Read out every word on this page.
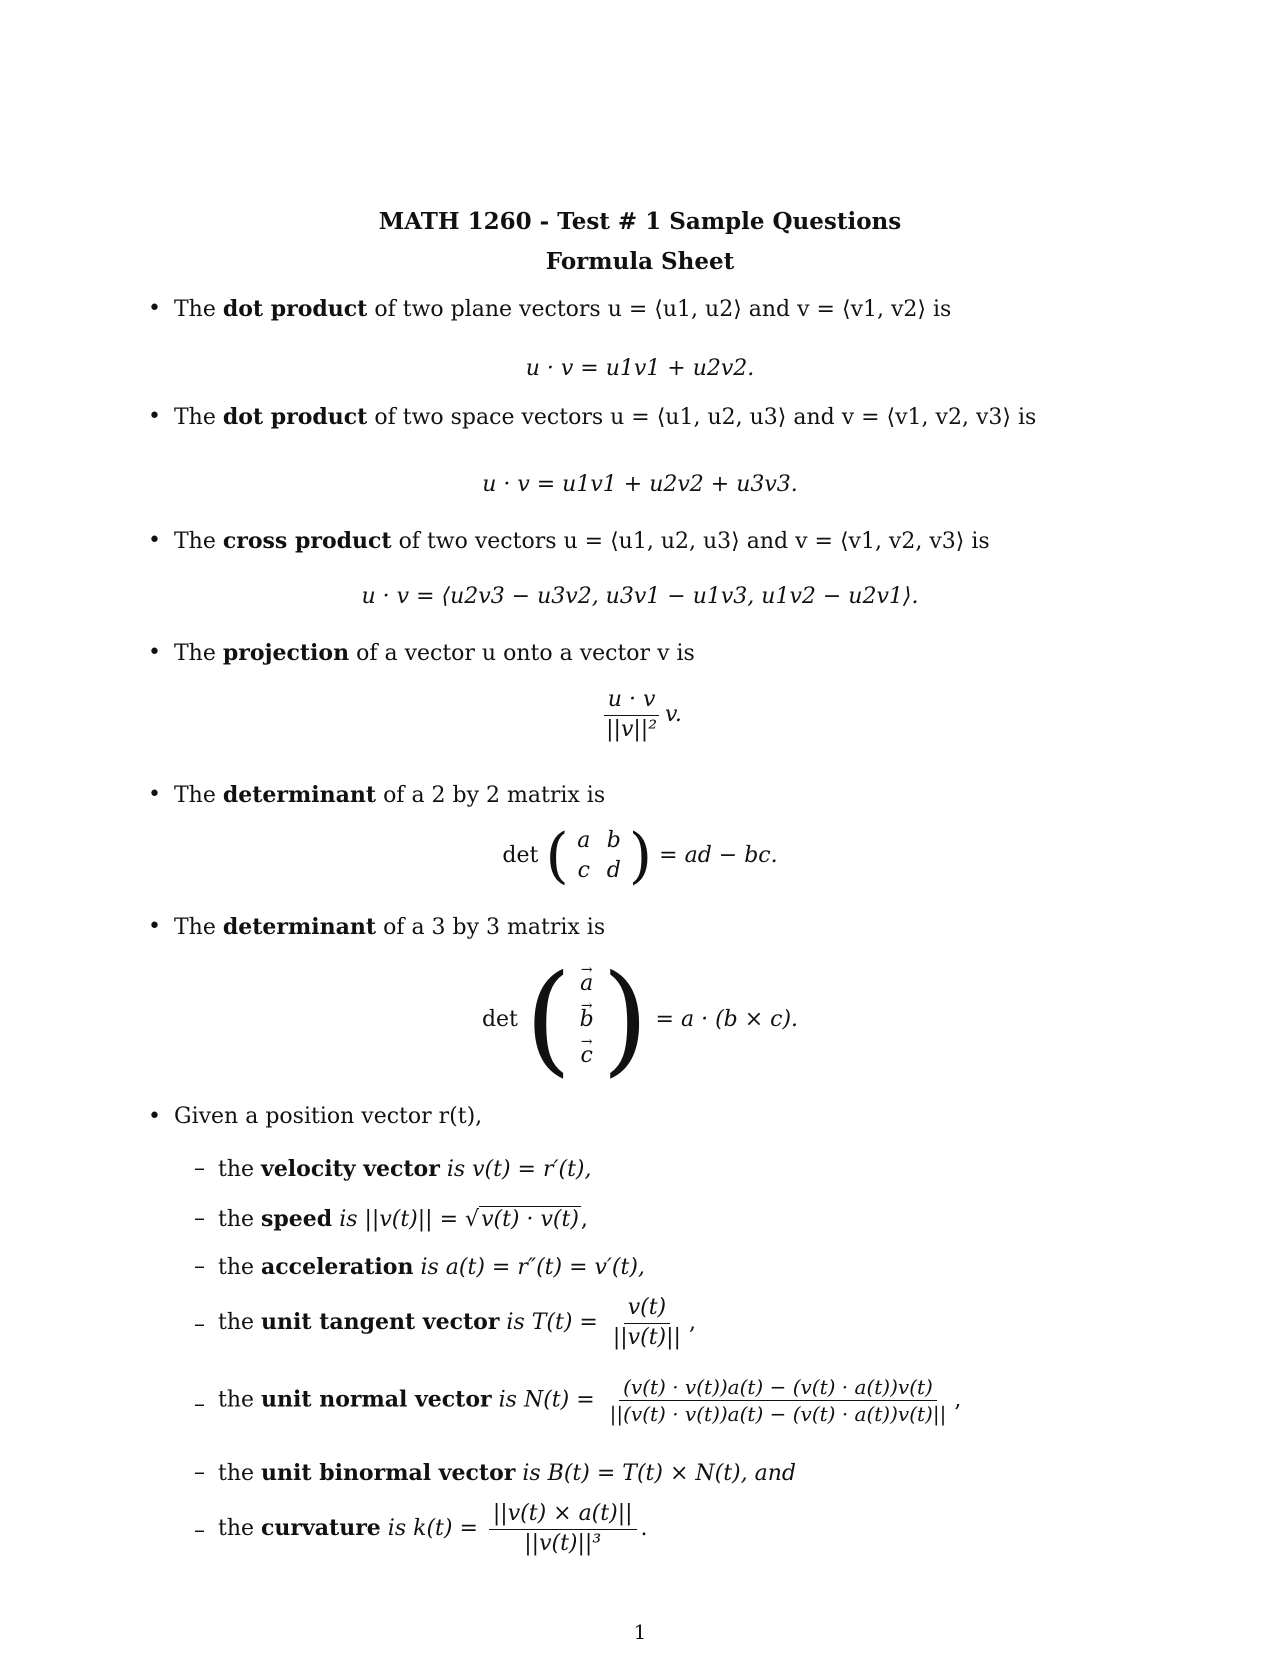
MATH 1260 - Test # 1 Sample Questions
Formula Sheet
• The dot product of two plane vectors u = ⟨u1, u2⟩ and v = ⟨v1, v2⟩ is
u · v = u1v1 + u2v2.
• The dot product of two space vectors u = ⟨u1, u2, u3⟩ and v = ⟨v1, v2, v3⟩ is
u · v = u1v1 + u2v2 + u3v3.
• The cross product of two vectors u = ⟨u1, u2, u3⟩ and v = ⟨v1, v2, v3⟩ is
u · v = ⟨u2v3 − u3v2, u3v1 − u1v3, u1v2 − u2v1⟩.
• The projection of a vector u onto a vector v is
$\frac{u \cdot v}{\text{||v||²}} v$.
• The determinant of a 2 by 2 matrix is
det ( a b
c d ) = ad − bc.
• The determinant of a 3 by 3 matrix is
det (
→ a
→ b
→ c ) = a · (b × c).
• Given a position vector r(t),
– the velocity vector is v(t) = r′(t),
– the speed is ||v(t)|| = √v(t) · v(t),
– the acceleration is a(t) = r″(t) = v′(t),
– the unit tangent vector is $T(t) = \frac{v(t)}{||v(t)||}$ ,
– the unit normal vector is $N(t) = \frac{(v(t) \cdot v(t))a(t) - (v(t) \cdot a(t))v(t)}{||(v(t) \cdot v(t))a(t) - (v(t) \cdot a(t))v(t)||}$ ,
– the unit binormal vector is B(t) = T(t) × N(t), and
– the curvature is $k(t) = \frac{||v(t) \times a(t)||}{\text{||v(t)||³}}$ .
1
